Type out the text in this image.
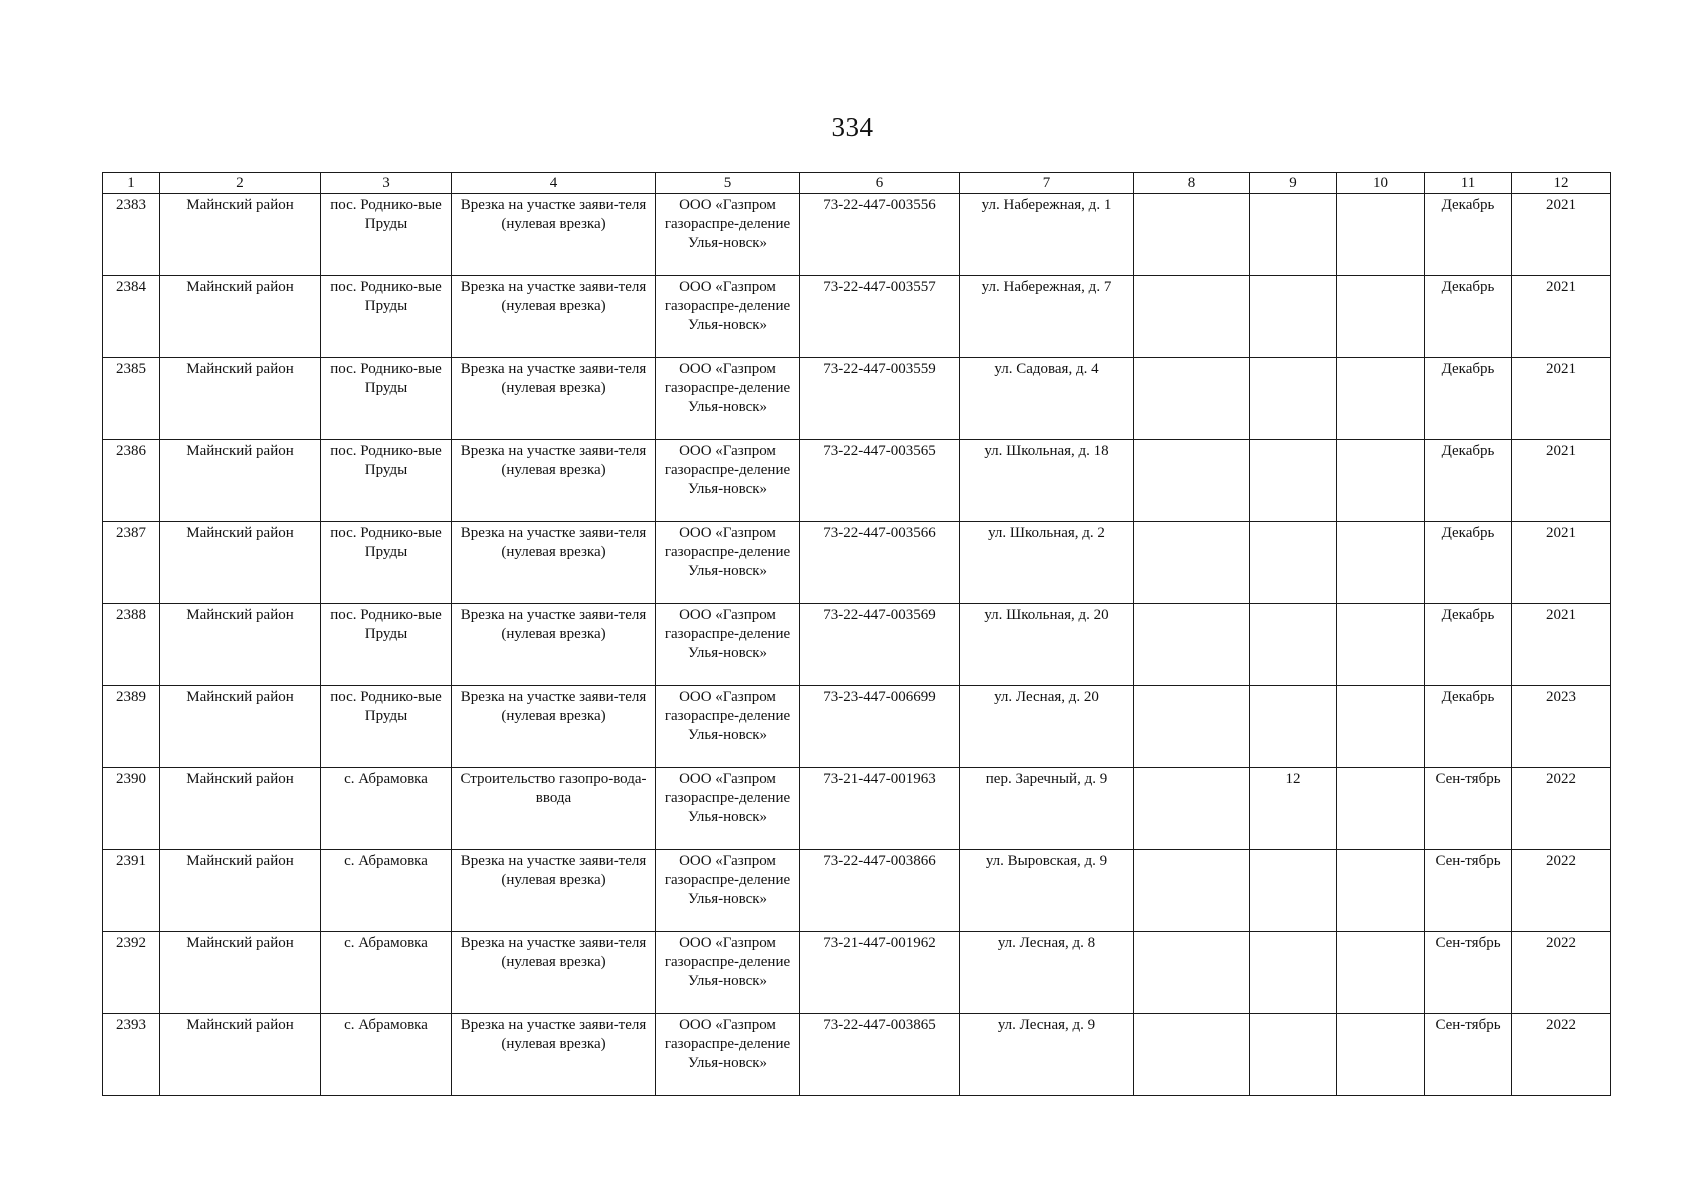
334
1	2	3	4	5	6	7	8	9	10	11	12
2383	Майнский район	пос. Роднико-вые Пруды	Врезка на участке заяви-теля (нулевая врезка)	ООО «Газпром газораспре-деление Улья-новск»	73-22-447-003556	ул. Набережная, д. 1				Декабрь	2021
2384	Майнский район	пос. Роднико-вые Пруды	Врезка на участке заяви-теля (нулевая врезка)	ООО «Газпром газораспре-деление Улья-новск»	73-22-447-003557	ул. Набережная, д. 7				Декабрь	2021
2385	Майнский район	пос. Роднико-вые Пруды	Врезка на участке заяви-теля (нулевая врезка)	ООО «Газпром газораспре-деление Улья-новск»	73-22-447-003559	ул. Садовая, д. 4				Декабрь	2021
2386	Майнский район	пос. Роднико-вые Пруды	Врезка на участке заяви-теля (нулевая врезка)	ООО «Газпром газораспре-деление Улья-новск»	73-22-447-003565	ул. Школьная, д. 18				Декабрь	2021
2387	Майнский район	пос. Роднико-вые Пруды	Врезка на участке заяви-теля (нулевая врезка)	ООО «Газпром газораспре-деление Улья-новск»	73-22-447-003566	ул. Школьная, д. 2				Декабрь	2021
2388	Майнский район	пос. Роднико-вые Пруды	Врезка на участке заяви-теля (нулевая врезка)	ООО «Газпром газораспре-деление Улья-новск»	73-22-447-003569	ул. Школьная, д. 20				Декабрь	2021
2389	Майнский район	пос. Роднико-вые Пруды	Врезка на участке заяви-теля (нулевая врезка)	ООО «Газпром газораспре-деление Улья-новск»	73-23-447-006699	ул. Лесная, д. 20				Декабрь	2023
2390	Майнский район	с. Абрамовка	Строительство газопро-вода-ввода	ООО «Газпром газораспре-деление Улья-новск»	73-21-447-001963	пер. Заречный, д. 9		12		Сен-тябрь	2022
2391	Майнский район	с. Абрамовка	Врезка на участке заяви-теля (нулевая врезка)	ООО «Газпром газораспре-деление Улья-новск»	73-22-447-003866	ул. Выровская, д. 9				Сен-тябрь	2022
2392	Майнский район	с. Абрамовка	Врезка на участке заяви-теля (нулевая врезка)	ООО «Газпром газораспре-деление Улья-новск»	73-21-447-001962	ул. Лесная, д. 8				Сен-тябрь	2022
2393	Майнский район	с. Абрамовка	Врезка на участке заяви-теля (нулевая врезка)	ООО «Газпром газораспре-деление Улья-новск»	73-22-447-003865	ул. Лесная, д. 9				Сен-тябрь	2022
